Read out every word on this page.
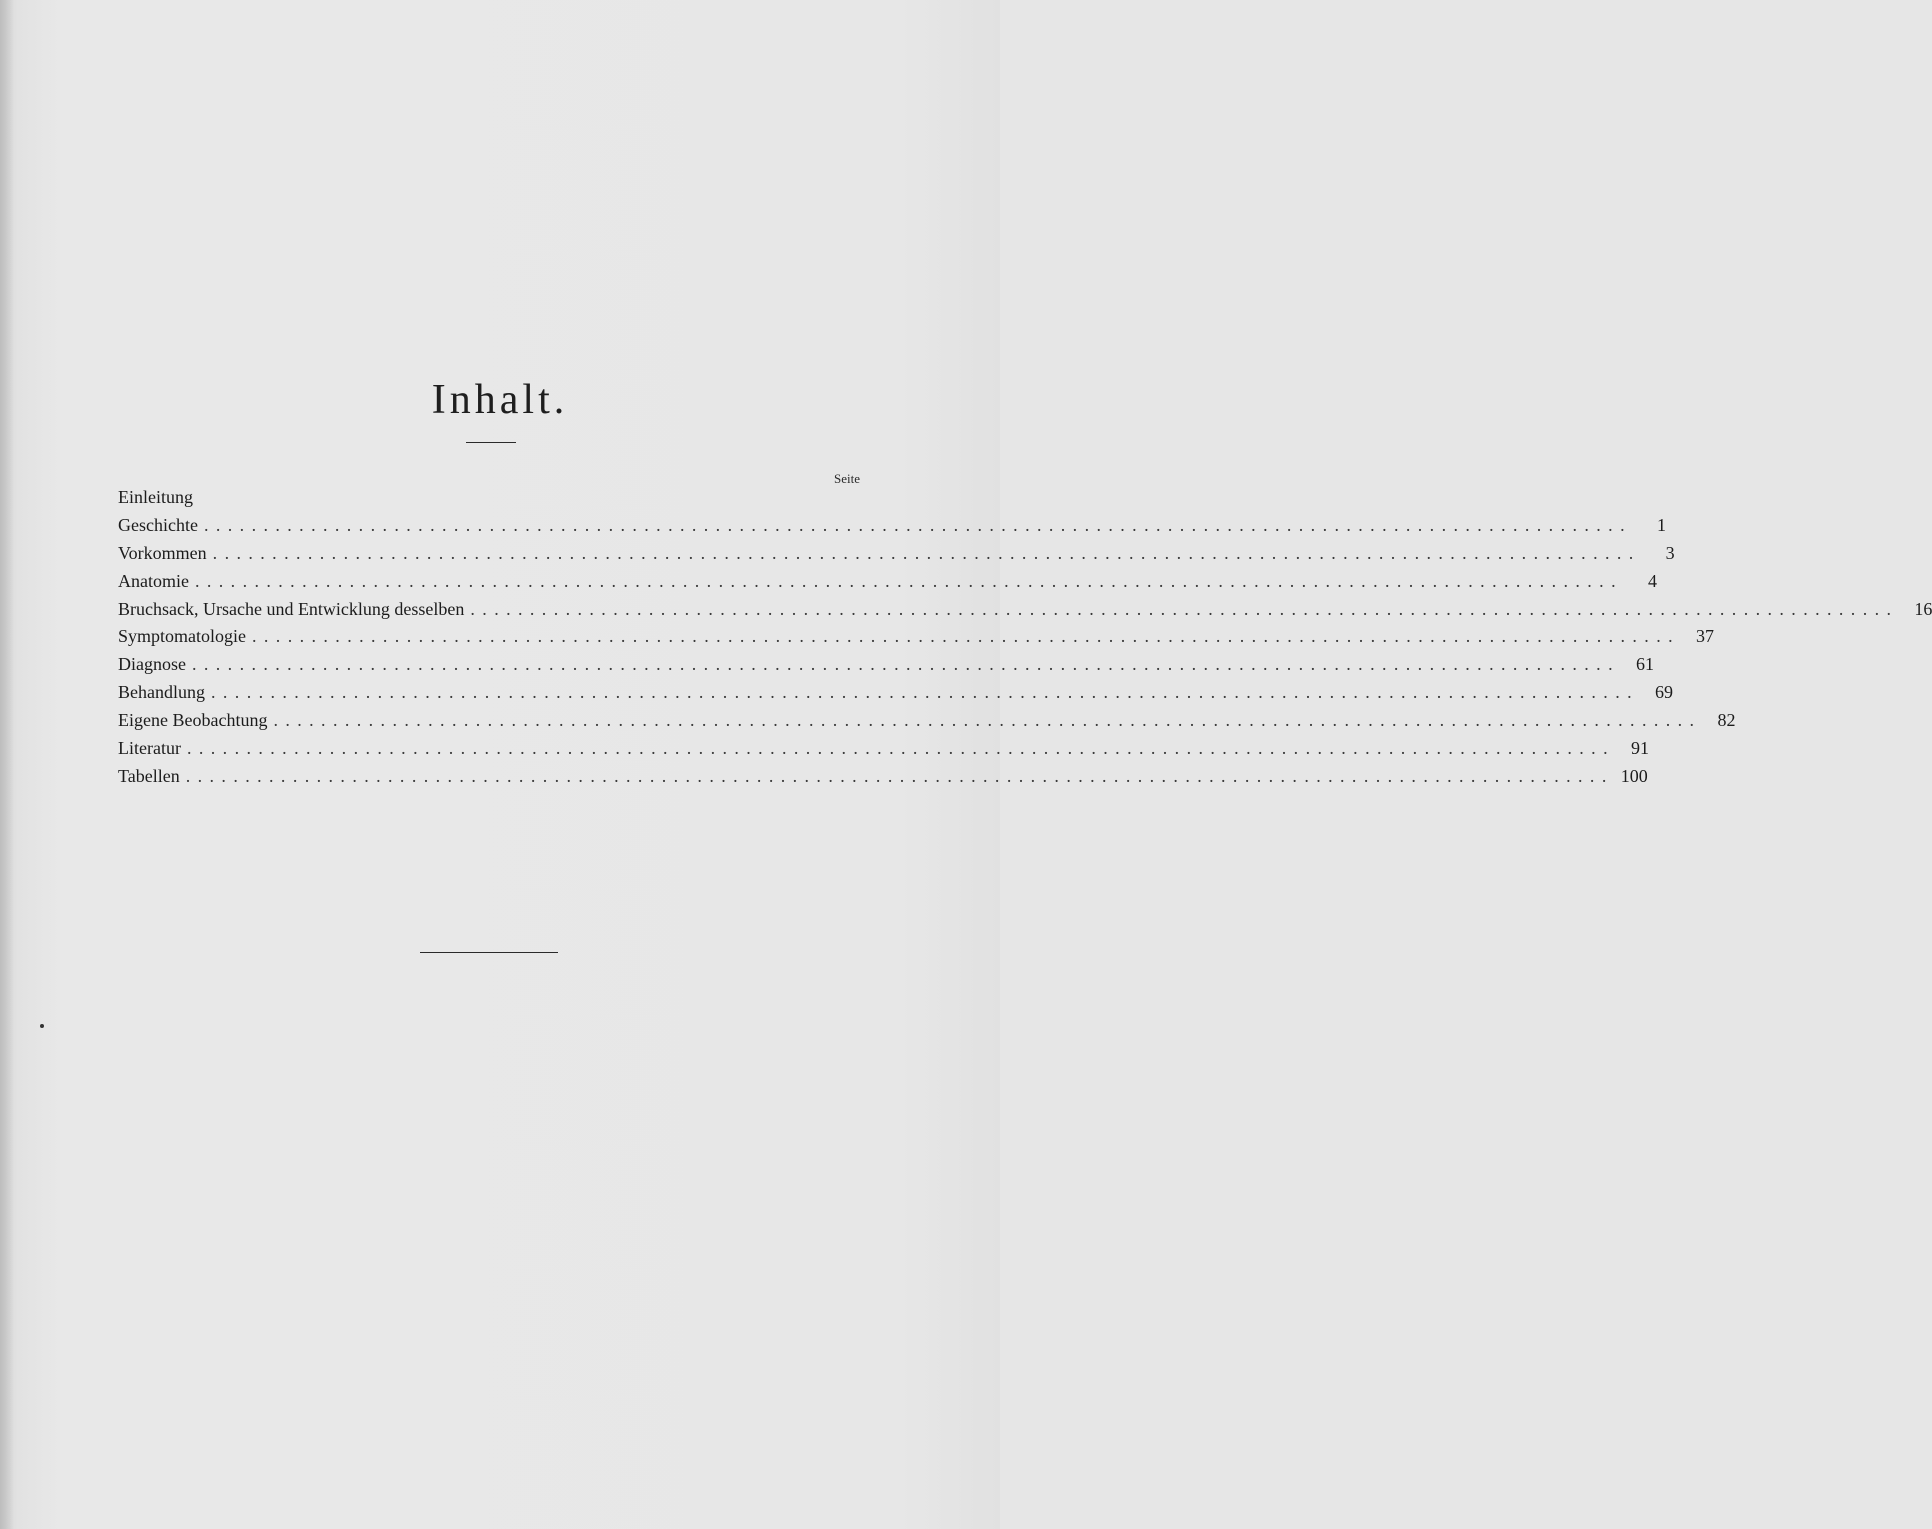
Inhalt.
Seite
Einleitung
Geschichte ........................................................................................................................	1
Vorkommen ........................................................................................................................	3
Anatomie ........................................................................................................................	4
Bruchsack, Ursache und Entwicklung desselben ........................................................................................................................ 16
Symptomatologie ........................................................................................................................ 37
Diagnose ........................................................................................................................ 61
Behandlung ........................................................................................................................ 69
Eigene Beobachtung ........................................................................................................................ 82
Literatur ........................................................................................................................ 91
Tabellen ........................................................................................................................ 100
